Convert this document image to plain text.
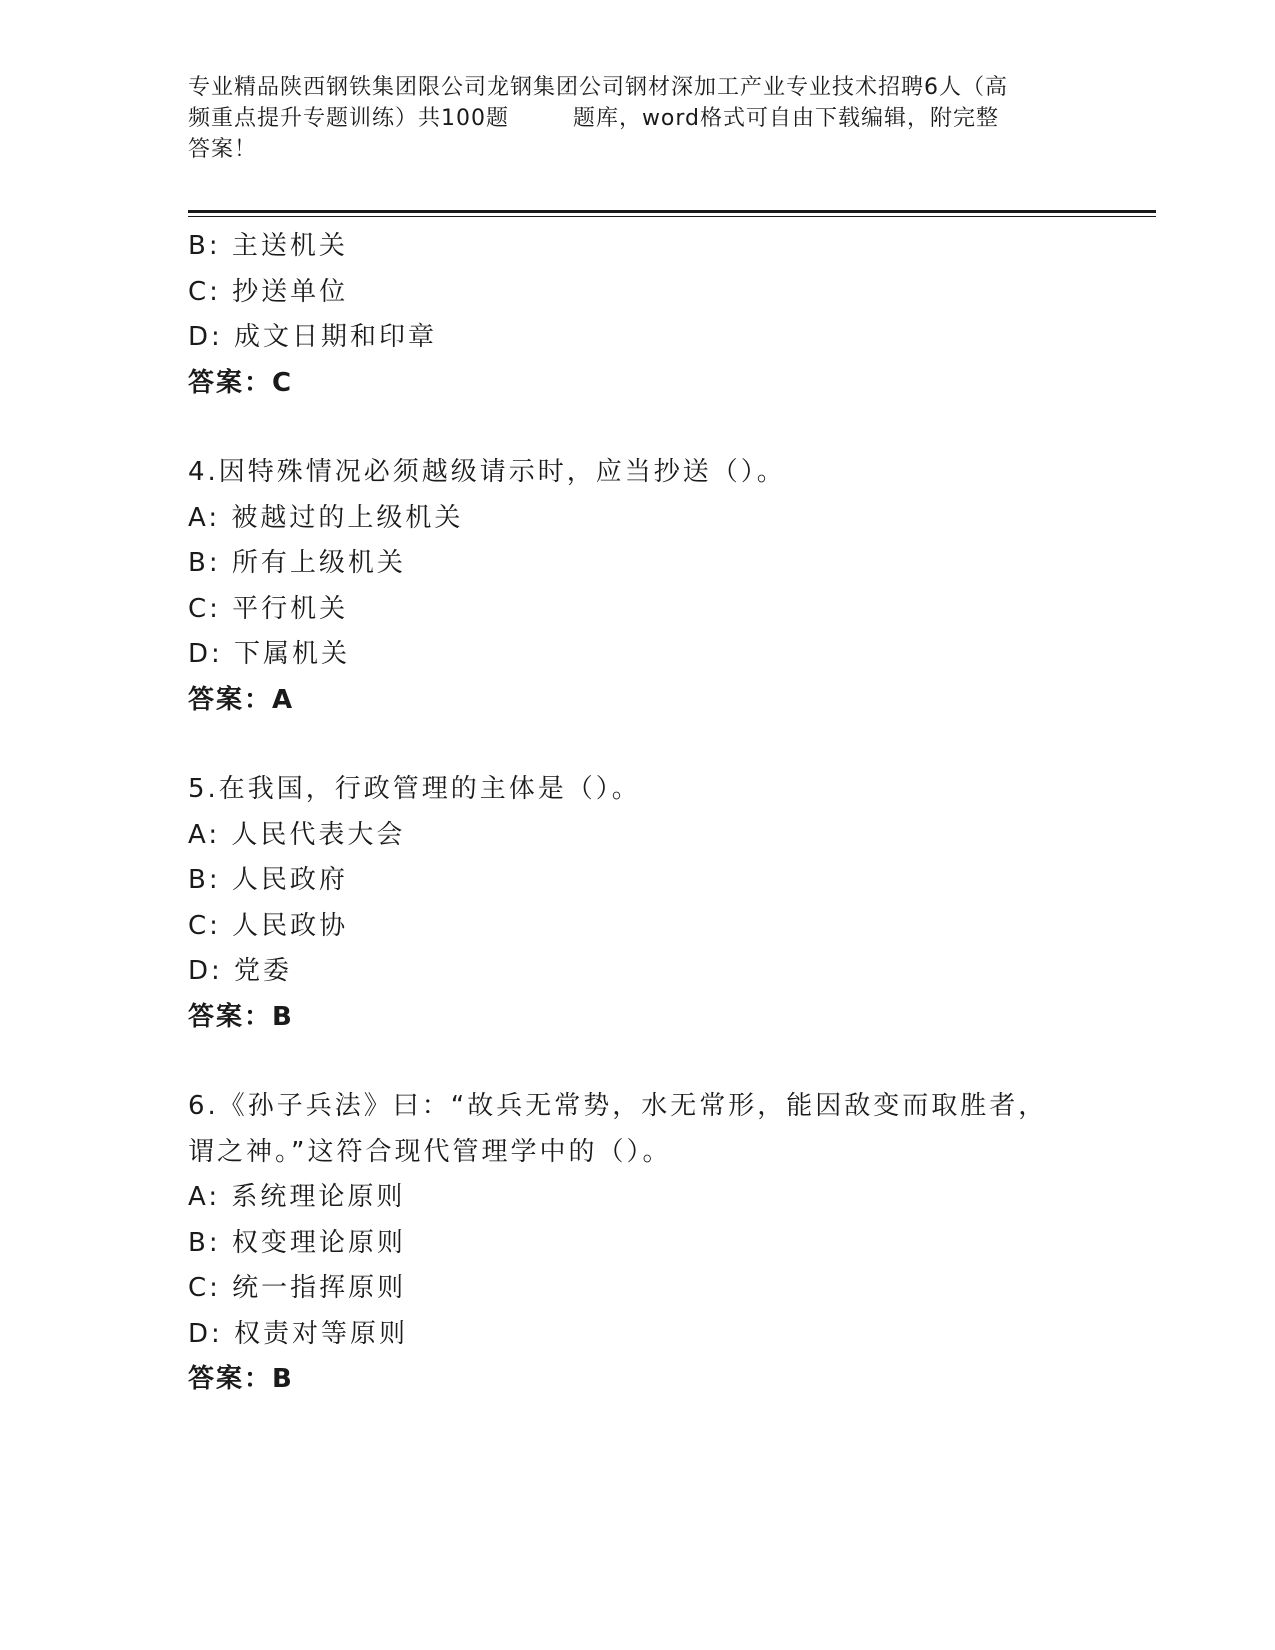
专业精品陕西钢铁集团限公司龙钢集团公司钢材深加工产业专业技术招聘6人（高
频重点提升专题训练）共100题        题库，word格式可自由下载编辑，附完整
答案！
B: 主送机关
C: 抄送单位
D: 成文日期和印章
答案：C
4.因特殊情况必须越级请示时，应当抄送（）。
A: 被越过的上级机关
B: 所有上级机关
C: 平行机关
D: 下属机关
答案：A
5.在我国，行政管理的主体是（）。
A: 人民代表大会
B: 人民政府
C: 人民政协
D: 党委
答案：B
6.《孙子兵法》曰：“故兵无常势，水无常形，能因敌变而取胜者，
谓之神。”这符合现代管理学中的（）。
A: 系统理论原则
B: 权变理论原则
C: 统一指挥原则
D: 权责对等原则
答案：B
